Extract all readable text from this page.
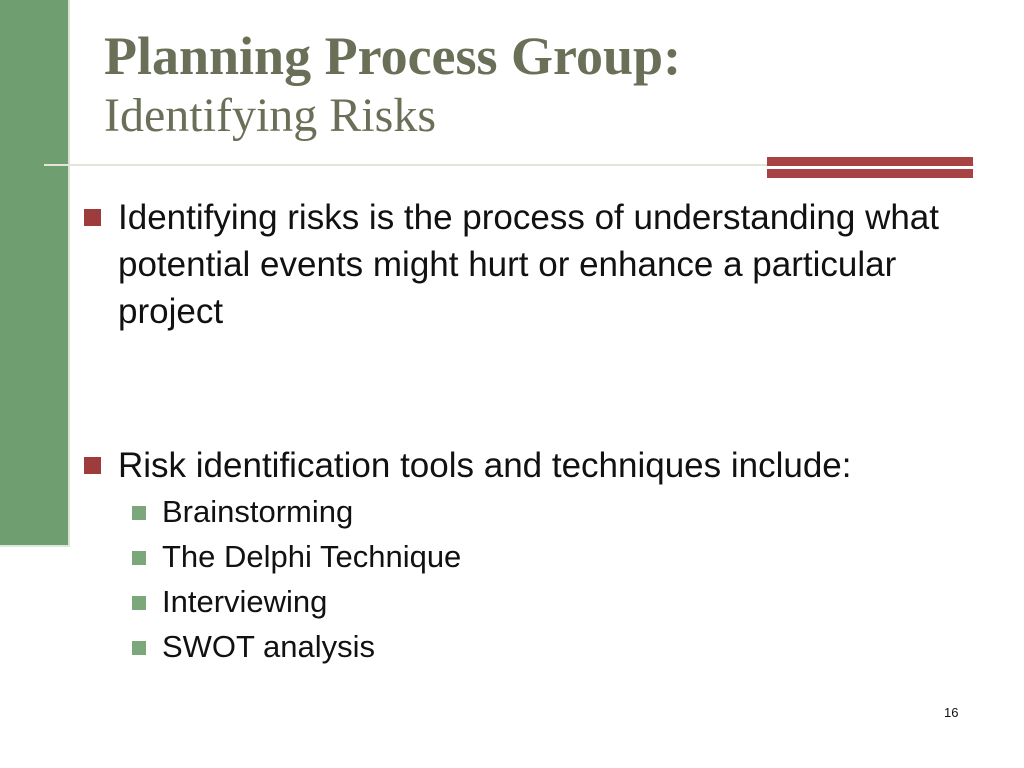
Planning Process Group:
Identifying Risks
Identifying risks is the process of understanding what potential events might hurt or enhance a particular project
Risk identification tools and techniques include:
Brainstorming
The Delphi Technique
Interviewing
SWOT analysis
16
